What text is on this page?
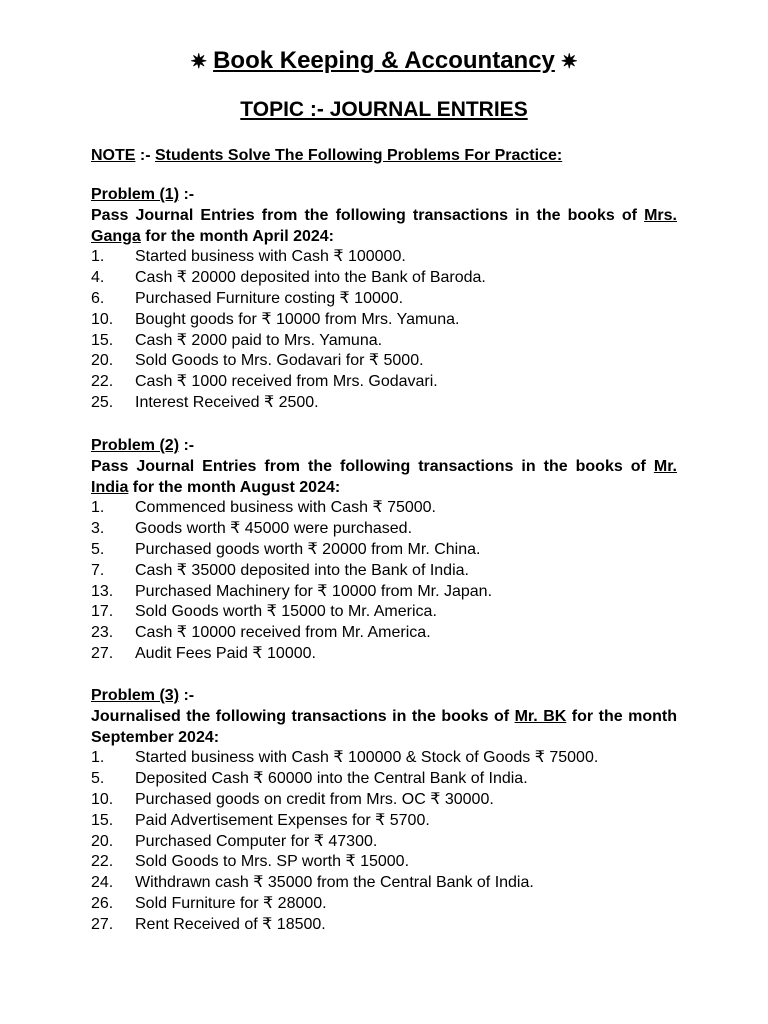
✷ Book Keeping & Accountancy ✷
TOPIC :- JOURNAL ENTRIES
NOTE :- Students Solve The Following Problems For Practice:
Problem (1) :-
Pass Journal Entries from the following transactions in the books of Mrs. Ganga for the month April 2024:
1.	Started business with Cash ₹ 100000.
4.	Cash ₹ 20000 deposited into the Bank of Baroda.
6.	Purchased Furniture costing ₹ 10000.
10.	Bought goods for ₹ 10000 from Mrs. Yamuna.
15.	Cash ₹ 2000 paid to Mrs. Yamuna.
20.	Sold Goods to Mrs. Godavari for ₹ 5000.
22.	Cash ₹ 1000 received from Mrs. Godavari.
25.	Interest Received ₹ 2500.
Problem (2) :-
Pass Journal Entries from the following transactions in the books of Mr. India for the month August 2024:
1.	Commenced business with Cash ₹ 75000.
3.	Goods worth ₹ 45000 were purchased.
5.	Purchased goods worth ₹ 20000 from Mr. China.
7.	Cash ₹ 35000 deposited into the Bank of India.
13.	Purchased Machinery for ₹ 10000 from Mr. Japan.
17.	Sold Goods worth ₹ 15000 to Mr. America.
23.	Cash ₹ 10000 received from Mr. America.
27.	Audit Fees Paid ₹ 10000.
Problem (3) :-
Journalised the following transactions in the books of Mr. BK for the month September 2024:
1.	Started business with Cash ₹ 100000 & Stock of Goods ₹ 75000.
5.	Deposited Cash ₹ 60000 into the Central Bank of India.
10.	Purchased goods on credit from Mrs. OC ₹ 30000.
15.	Paid Advertisement Expenses for ₹ 5700.
20.	Purchased Computer for ₹ 47300.
22.	Sold Goods to Mrs. SP worth ₹ 15000.
24.	Withdrawn cash ₹ 35000 from the Central Bank of India.
26.	Sold Furniture for ₹ 28000.
27.	Rent Received of ₹ 18500.
